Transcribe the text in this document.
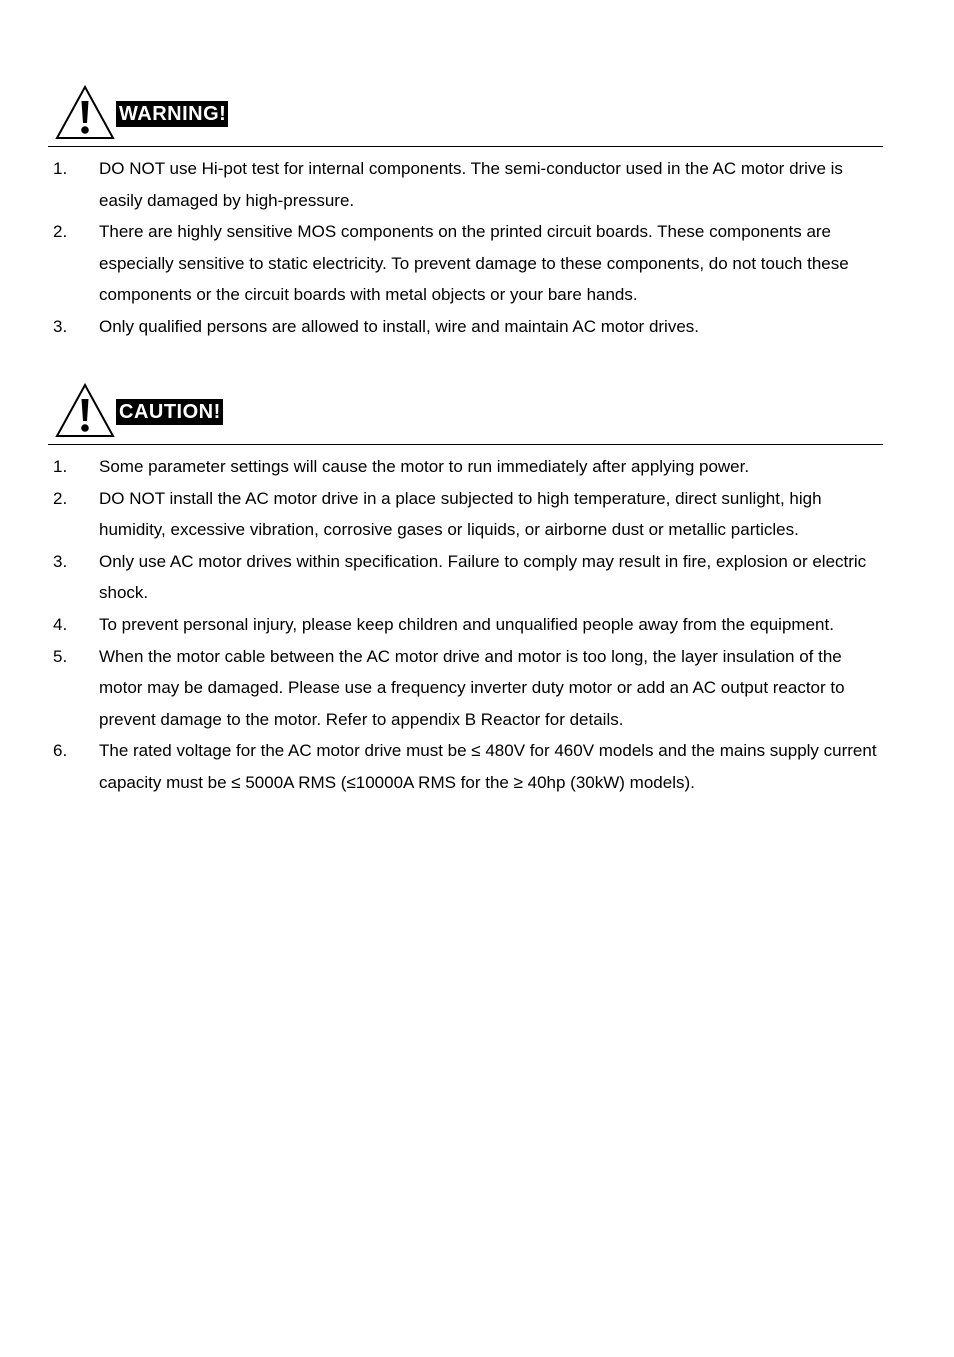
WARNING!
1. DO NOT use Hi-pot test for internal components. The semi-conductor used in the AC motor drive is easily damaged by high-pressure.
2. There are highly sensitive MOS components on the printed circuit boards. These components are especially sensitive to static electricity. To prevent damage to these components, do not touch these components or the circuit boards with metal objects or your bare hands.
3. Only qualified persons are allowed to install, wire and maintain AC motor drives.
CAUTION!
1. Some parameter settings will cause the motor to run immediately after applying power.
2. DO NOT install the AC motor drive in a place subjected to high temperature, direct sunlight, high humidity, excessive vibration, corrosive gases or liquids, or airborne dust or metallic particles.
3. Only use AC motor drives within specification. Failure to comply may result in fire, explosion or electric shock.
4. To prevent personal injury, please keep children and unqualified people away from the equipment.
5. When the motor cable between the AC motor drive and motor is too long, the layer insulation of the motor may be damaged. Please use a frequency inverter duty motor or add an AC output reactor to prevent damage to the motor. Refer to appendix B Reactor for details.
6. The rated voltage for the AC motor drive must be ≤ 480V for 460V models and the mains supply current capacity must be ≤ 5000A RMS (≤10000A RMS for the ≥ 40hp (30kW) models).
